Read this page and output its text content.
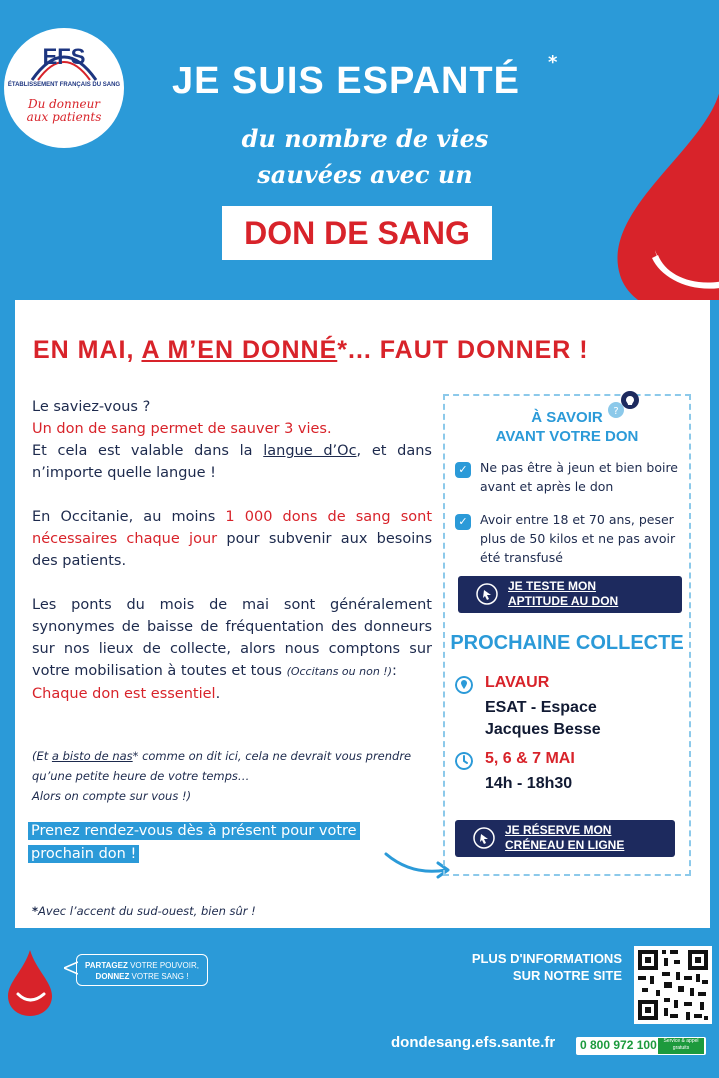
EFS
ÉTABLISSEMENT FRANÇAIS DU SANG
Du donneur
aux patients
JE SUIS ESPANTÉ *
du nombre de vies
sauvées avec un
DON DE SANG
EN MAI, A M’EN DONNÉ*... FAUT DONNER !

Le saviez-vous ?
Un don de sang permet de sauver 3 vies.
Et cela est valable dans la langue d’Oc, et dans n’importe quelle langue !

En Occitanie, au moins 1 000 dons de sang sont nécessaires chaque jour pour subvenir aux besoins des patients.

Les ponts du mois de mai sont généralement synonymes de baisse de fréquentation des donneurs sur nos lieux de collecte, alors nous comptons sur votre mobilisation à toutes et tous (Occitans ou non !):
Chaque don est essentiel.

(Et a bisto de nas* comme on dit ici, cela ne devrait vous prendre qu’une petite heure de votre temps…
Alors on compte sur vous !)
Prenez rendez-vous dès à présent pour votre
prochain don !
*Avec l’accent du sud-ouest, bien sûr !
?
À SAVOIR
AVANT VOTRE DON
✓ Ne pas être à jeun et bien boire avant et après le don
✓ Avoir entre 18 et 70 ans, peser plus de 50 kilos et ne pas avoir été transfusé
JE TESTE MON
APTITUDE AU DON
PROCHAINE COLLECTE
LAVAUR
ESAT - Espace
Jacques Besse
5, 6 & 7 MAI
14h - 18h30
JE RÉSERVE MON
CRÉNEAU EN LIGNE
PARTAGEZ VOTRE POUVOIR,
DONNEZ VOTRE SANG !
PLUS D'INFORMATIONS
SUR NOTRE SITE
dondesang.efs.sante.fr 0 800 972 100	Service & appel
gratuits
